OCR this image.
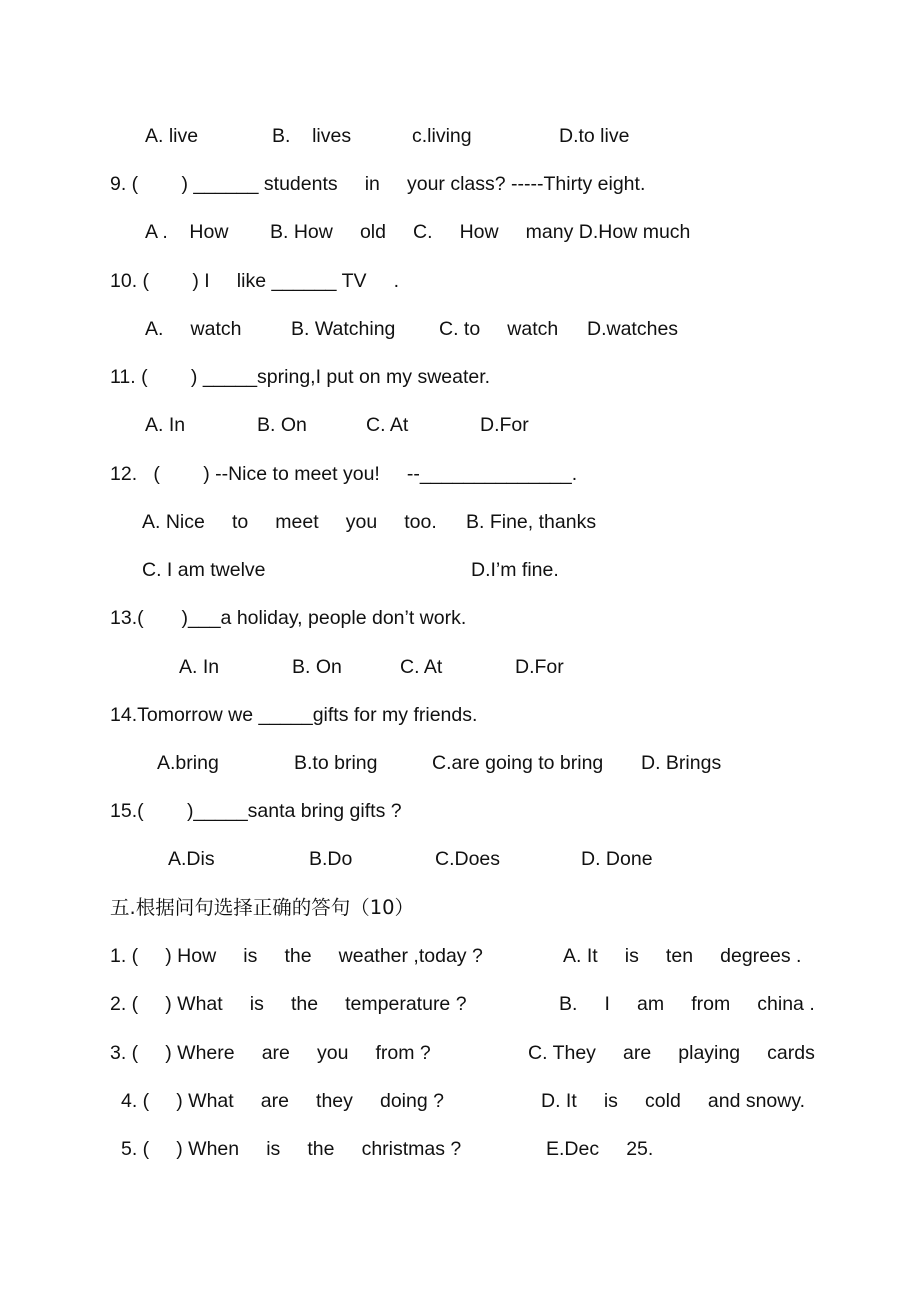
A. live

	B.    lives

	c.living

	D.to live

9. (        ) ______ students     in     your class? -----Thirty eight.

A .    How

B. How     old

C.     How     many D.How much

10. (        ) I     like ______ TV     .

A.     watch

	B. Watching

C. to     watch

D.watches

11. (        ) _____spring,I put on my sweater.

A. In

	B. On

	C. At

	D.For

12.   (        ) --Nice to meet you!     --______________.

A. Nice     to     meet     you     too.

B. Fine, thanks

C. I am twelve

	D.I’m fine.

13.(       )___a holiday, people don’t work.

A. In

	B. On

	C. At

	D.For

14.Tomorrow we _____gifts for my friends.

A.bring

	B.to bring

	C.are going to bring

D. Brings

15.(        )_____santa bring gifts ?

A.Dis

	B.Do

	C.Does

	D. Done

五.根据问句选择正确的答句（10）

1. (     ) How     is     the     weather ,today ?

	A. It     is     ten     degrees .

2. (     ) What     is     the     temperature ?

	B.     I     am     from     china .

3. (     ) Where     are     you     from ?

	C. They     are     playing     cards

4. (     ) What     are     they     doing ?

	D. It     is     cold     and snowy.

5. (     ) When     is     the     christmas ?

	E.Dec     25.
